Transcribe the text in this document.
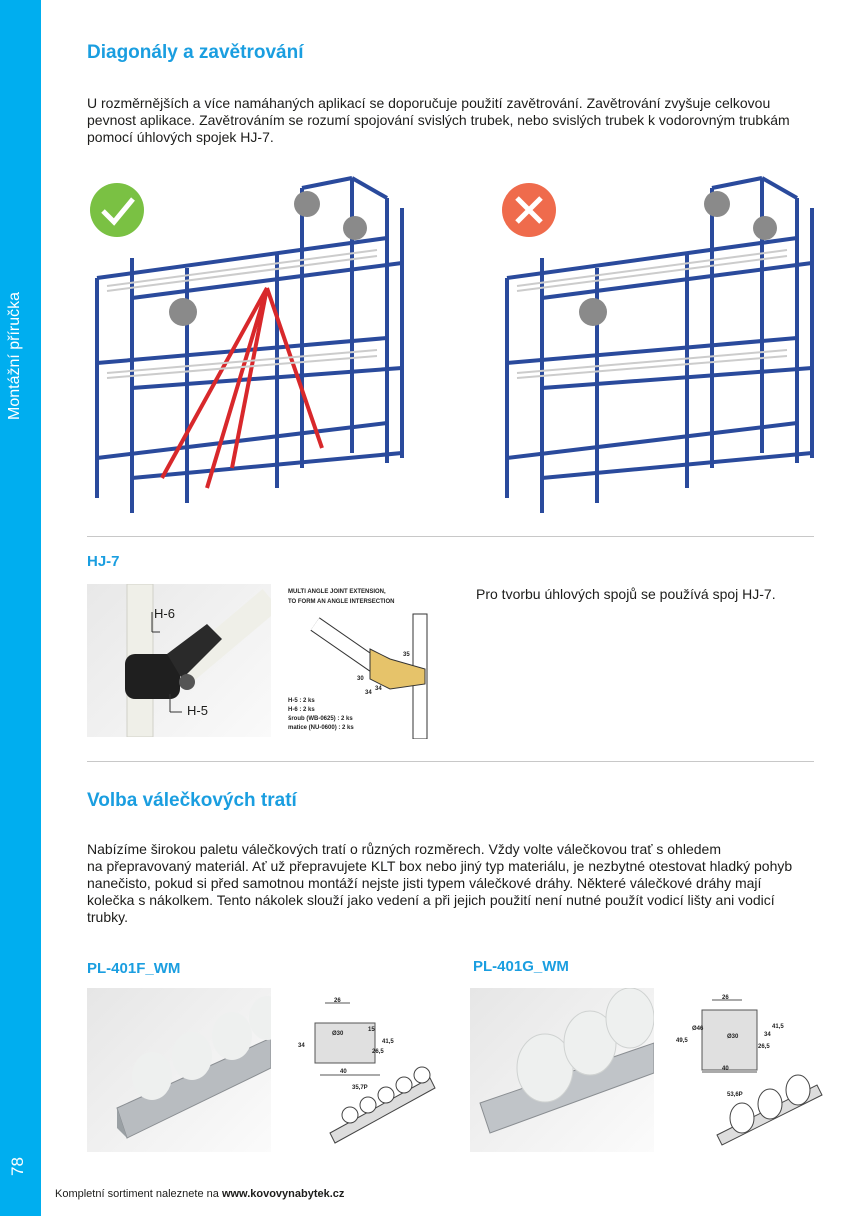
Montážní příručka
78
Diagonály a zavětrování
U rozměrnějších a více namáhaných aplikací se doporučuje použití zavětrování. Zavětrování zvyšuje celkovou
pevnost aplikace. Zavětrováním se rozumí spojování svislých trubek, nebo svislých trubek k vodorovným trubkám
pomocí úhlových spojek HJ-7.
HJ-7
H-6
H-5
MULTI ANGLE JOINT EXTENSION,
TO FORM AN ANGLE INTERSECTION
35
30
34
34
H-5 : 2 ks
H-6 : 2 ks
šroub (WB-0625) : 2 ks
matice (NU-0600) : 2 ks
Pro tvorbu úhlových spojů se používá spoj HJ-7.
Volba válečkových tratí
Nabízíme širokou paletu válečkových tratí o různých rozměrech. Vždy volte válečkovou trať s ohledem
na přepravovaný materiál. Ať už přepravujete KLT box nebo jiný typ materiálu, je nezbytné otestovat hladký pohyb
nanečisto, pokud si před samotnou montáží nejste jisti typem válečkové dráhy. Některé válečkové dráhy mají
kolečka s nákolkem. Tento nákolek slouží jako vedení a při jejich použití není nutné použít vodicí lišty ani vodicí
trubky.
PL-401F_WM
26
Ø30
15
26,5
41,5
34
40
35,7P
PL-401G_WM
26
Ø46
26,5
34
41,5
49,5
Ø30
40
53,6P
Kompletní sortiment naleznete na www.kovovynabytek.cz
